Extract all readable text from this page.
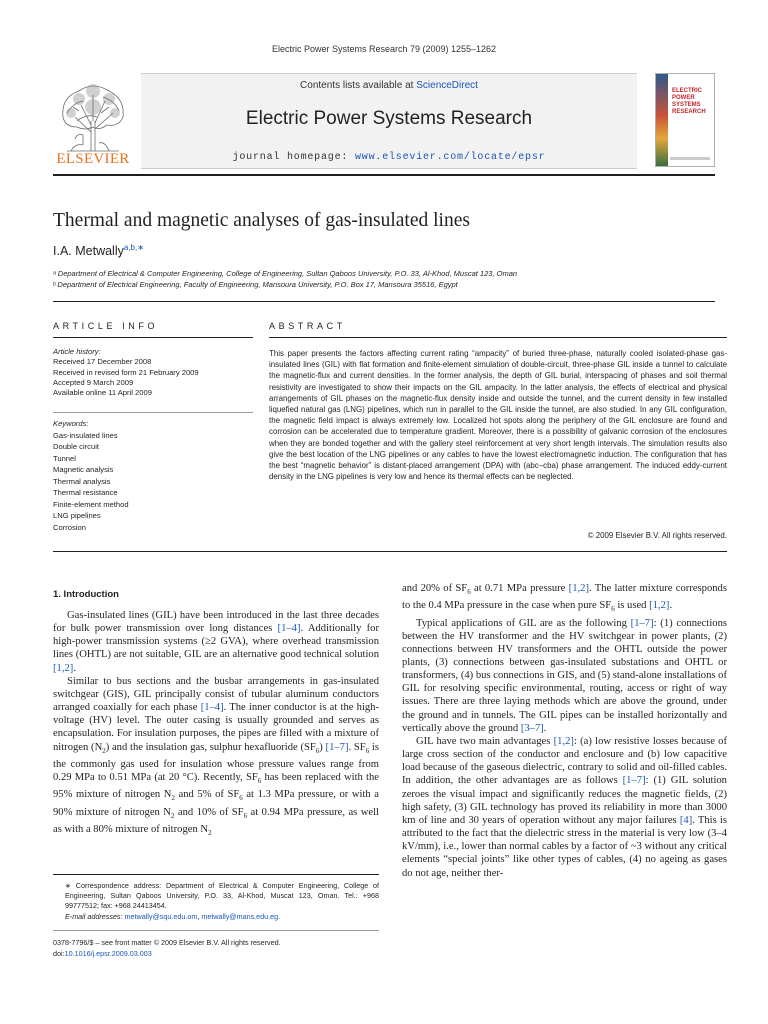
Electric Power Systems Research 79 (2009) 1255–1262
ELSEVIER
Contents lists available at ScienceDirect
Electric Power Systems Research
journal homepage: www.elsevier.com/locate/epsr
ELECTRIC POWER SYSTEMS RESEARCH
Thermal and magnetic analyses of gas-insulated lines
I.A. Metwally$^{a,b,∗}$
ᵃ Department of Electrical & Computer Engineering, College of Engineering, Sultan Qaboos University, P.O. 33, Al-Khod, Muscat 123, Oman
ᵇ Department of Electrical Engineering, Faculty of Engineering, Mansoura University, P.O. Box 17, Mansoura 35516, Egypt
ARTICLE INFO	ABSTRACT
Article history:
Received 17 December 2008
Received in revised form 21 February 2009
Accepted 9 March 2009
Available online 11 April 2009
Keywords:
Gas-insulated lines
Double circuit
Tunnel
Magnetic analysis
Thermal analysis
Thermal resistance
Finite-element method
LNG pipelines
Corrosion
This paper presents the factors affecting current rating “ampacity” of buried three-phase, naturally cooled isolated-phase gas-insulated lines (GIL) with flat formation and finite-element simulation of double-circuit, three-phase GIL inside a tunnel to calculate the magnetic-flux and current densities. In the former analysis, the depth of GIL burial, interspacing of phases and soil thermal resistivity are investigated to show their impacts on the GIL ampacity. In the latter analysis, the effects of electrical and physical arrangements of GIL phases on the magnetic-flux density inside and outside the tunnel, and the current density in few installed liquefied natural gas (LNG) pipelines, which run in parallel to the GIL inside the tunnel, are also studied. In any GIL configuration, the magnetic field impact is always extremely low. Localized hot spots along the periphery of the GIL enclosure are found and corrosion can be accelerated due to temperature gradient. Moreover, there is a possibility of galvanic corrosion of the enclosures when they are bonded together and with the gallery steel reinforcement at very short length intervals. The simulation results also give the best location of the LNG pipelines or any cables to have the lowest electromagnetic induction. The configuration that has the best “magnetic behavior” is distant-placed arrangement (DPA) with (abc–cba) phase arrangement. The induced eddy-current density in the LNG pipelines is very low and hence its thermal effects can be neglected.
© 2009 Elsevier B.V. All rights reserved.
1. Introduction

Gas-insulated lines (GIL) have been introduced in the last three decades for bulk power transmission over long distances [1–4]. Additionally for high-power transmission systems (≥2 GVA), where overhead transmission lines (OHTL) are not suitable, GIL are an alternative good technical solution [1,2].

Similar to bus sections and the busbar arrangements in gas-insulated switchgear (GIS), GIL principally consist of tubular aluminum conductors arranged coaxially for each phase [1–4]. The inner conductor is at the high-voltage (HV) level. The outer casing is usually grounded and serves as encapsulation. For insulation purposes, the pipes are filled with a mixture of nitrogen $(N_2)$ and the insulation gas, sulphur hexafluoride $(SF_6)$ [1–7]. $SF_6$ is the commonly gas used for insulation whose pressure values range from 0.29 MPa to 0.51 MPa (at 20 °C). Recently, $SF_6$ has been replaced with the 95% mixture of nitrogen $N_2$ and 5% of $SF_6$ at 1.3 MPa pressure, or with a 90% mixture of nitrogen $N_2$ and 10% of $SF_6$ at 0.94 MPa pressure, as well as with a 80% mixture of nitrogen $N_2$

and 20% of $SF_6$ at 0.71 MPa pressure [1,2]. The latter mixture corresponds to the 0.4 MPa pressure in the case when pure $SF_6$ is used [1,2].

Typical applications of GIL are as the following [1–7]: (1) connections between the HV transformer and the HV switchgear in power plants, (2) connections between HV transformers and the OHTL outside the power plants, (3) connections between gas-insulated substations and OHTL or transformers, (4) bus connections in GIS, and (5) stand-alone installations of GIL for resolving specific environmental, routing, access or right of way issues. There are three laying methods which are above the ground, under the ground and in tunnels. The GIL pipes can be installed horizontally and vertically above the ground [3–7].

GIL have two main advantages [1,2]: (a) low resistive losses because of large cross section of the conductor and enclosure and (b) low capacitive load because of the gaseous dielectric, contrary to solid and oil-filled cables. In addition, the other advantages are as follows [1–7]: (1) GIL solution zeroes the visual impact and significantly reduces the magnetic fields, (2) high safety, (3) GIL technology has proved its reliability in more than 3000 km of line and 30 years of operation without any major failures [4]. This is attributed to the fact that the dielectric stress in the material is very low (3–4 kV/mm), i.e., lower than normal cables by a factor of ~3 without any critical elements “special joints” like other types of cables, (4) no ageing as gases do not age, neither ther-

∗ Correspondence address: Department of Electrical & Computer Engineering, College of Engineering, Sultan Qaboos University, P.O. 33, Al-Khod, Muscat 123, Oman. Tel.: +968 99777512; fax: +968 24413454.
E-mail addresses: metwally@squ.edu.om, metwally@mans.edu.eg.
0378-7796/$ – see front matter © 2009 Elsevier B.V. All rights reserved.
doi:10.1016/j.epsr.2009.03.003
